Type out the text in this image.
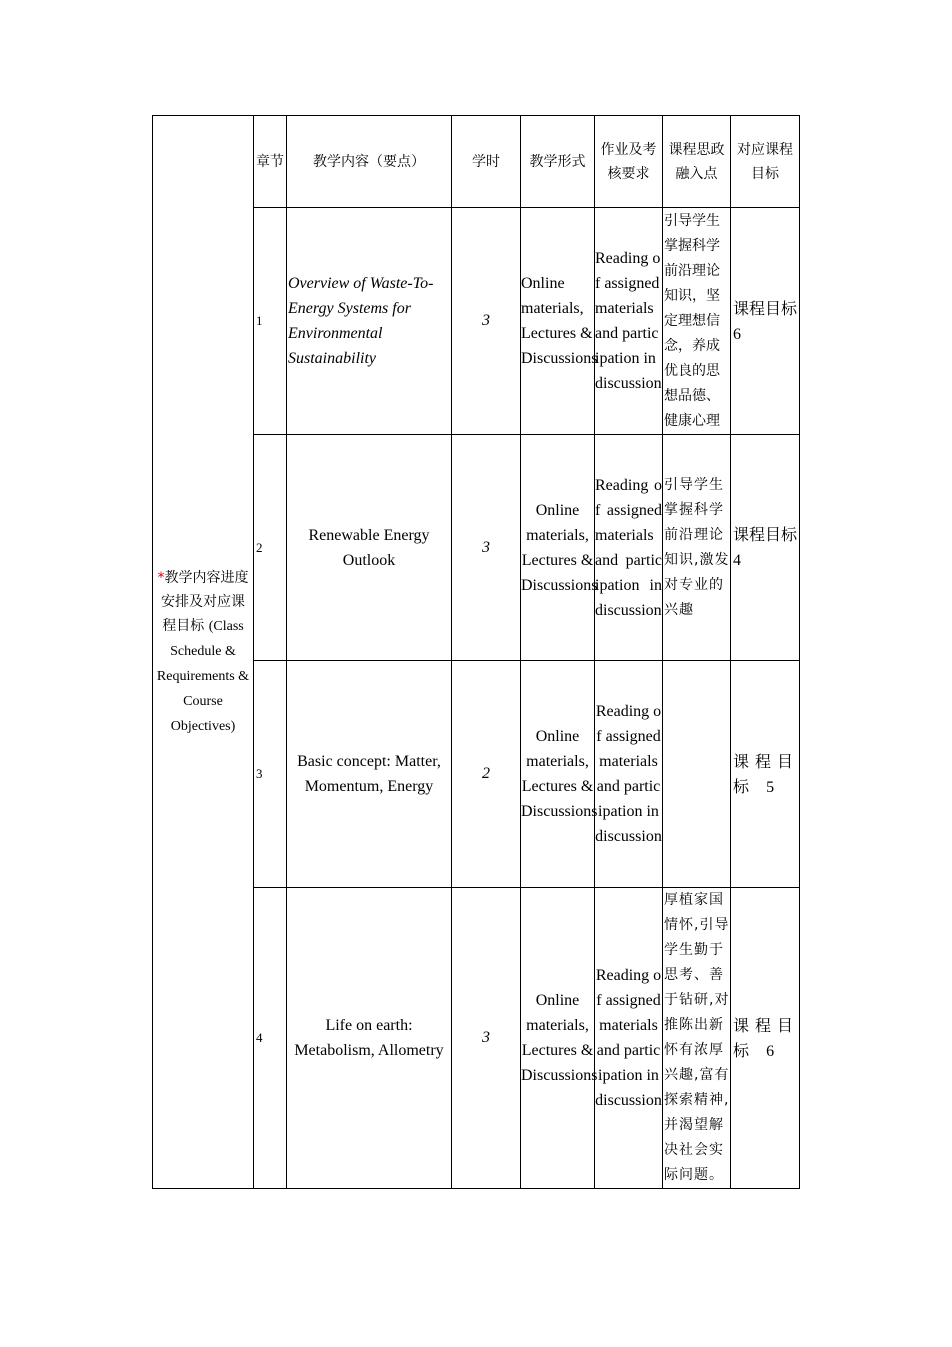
*教学内容进度安排及对应课程目标 (Class Schedule & Requirements & Course Objectives)	章节	教学内容（要点）	学时	教学形式	作业及考核要求	课程思政融入点	对应课程目标
	1	Overview of Waste-To-Energy Systems for Environmental Sustainability	3	Online materials, Lectures & Discussions	Reading of assigned materials and participation in discussion	引导学生掌握科学前沿理论知识，坚定理想信念，养成优良的思想品德、健康心理	课程目标 6
	2	Renewable Energy Outlook	3	Online materials, Lectures & Discussions	Reading of assigned materials and participation in discussion	引导学生掌握科学前沿理论知识,激发对专业的兴趣	课程目标 4
	3	Basic concept: Matter, Momentum, Energy	2	Online materials, Lectures & Discussions	Reading of assigned materials and participation in discussion		课程目标 5
	4	Life on earth: Metabolism, Allometry	3	Online materials, Lectures & Discussions	Reading of assigned materials and participation in discussion	厚植家国情怀,引导学生勤于思考、善于钻研,对推陈出新怀有浓厚兴趣,富有探索精神,并渴望解决社会实际问题。	课程目标 6
